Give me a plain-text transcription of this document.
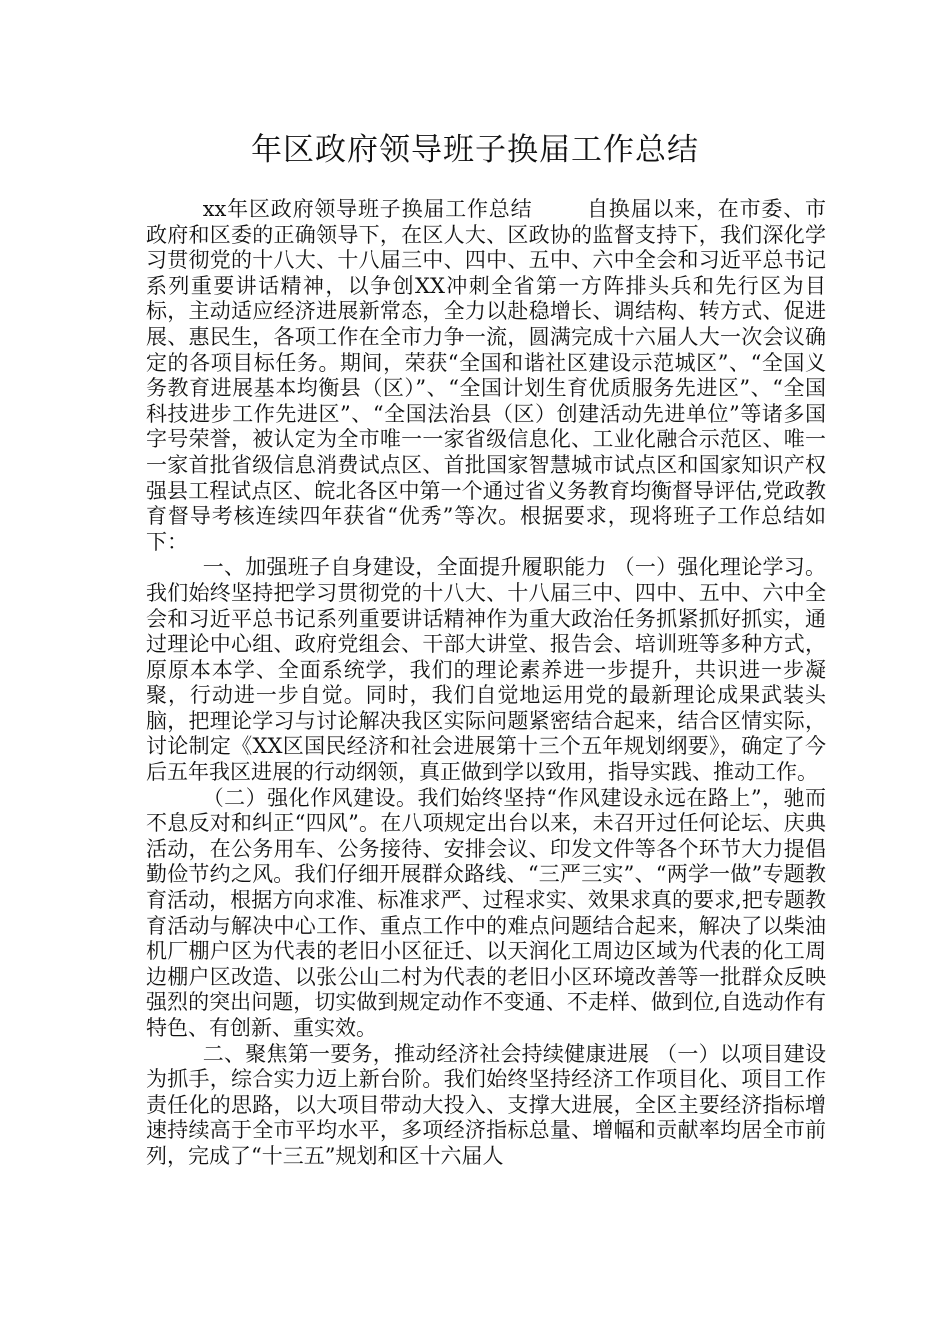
年区政府领导班子换届工作总结

xx年区政府领导班子换届工作总结	自换届以来，在市委、市政府和区委的正确领导下，在区人大、区政协的监督支持下，我们深化学习贯彻党的十八大、十八届三中、四中、五中、六中全会和习近平总书记系列重要讲话精神，以争创XX冲刺全省第一方阵排头兵和先行区为目标，主动适应经济进展新常态，全力以赴稳增长、调结构、转方式、促进展、惠民生，各项工作在全市力争一流，圆满完成十六届人大一次会议确定的各项目标任务。期间，荣获“全国和谐社区建设示范城区”、“全国义务教育进展基本均衡县（区）”、“全国计划生育优质服务先进区”、“全国科技进步工作先进区”、“全国法治县（区）创建活动先进单位”等诸多国字号荣誉，被认定为全市唯一一家省级信息化、工业化融合示范区、唯一一家首批省级信息消费试点区、首批国家智慧城市试点区和国家知识产权强县工程试点区、皖北各区中第一个通过省义务教育均衡督导评估,党政教育督导考核连续四年获省“优秀”等次。根据要求，现将班子工作总结如下：

一、加强班子自身建设，全面提升履职能力 （一）强化理论学习。我们始终坚持把学习贯彻党的十八大、十八届三中、四中、五中、六中全会和习近平总书记系列重要讲话精神作为重大政治任务抓紧抓好抓实，通过理论中心组、政府党组会、干部大讲堂、报告会、培训班等多种方式，原原本本学、全面系统学，我们的理论素养进一步提升，共识进一步凝聚，行动进一步自觉。同时，我们自觉地运用党的最新理论成果武装头脑，把理论学习与讨论解决我区实际问题紧密结合起来，结合区情实际，讨论制定《XX区国民经济和社会进展第十三个五年规划纲要》，确定了今后五年我区进展的行动纲领，真正做到学以致用，指导实践、推动工作。

（二）强化作风建设。我们始终坚持“作风建设永远在路上”，驰而不息反对和纠正“四风”。在八项规定出台以来，未召开过任何论坛、庆典活动，在公务用车、公务接待、安排会议、印发文件等各个环节大力提倡勤俭节约之风。我们仔细开展群众路线、“三严三实”、“两学一做”专题教育活动，根据方向求准、标准求严、过程求实、效果求真的要求,把专题教育活动与解决中心工作、重点工作中的难点问题结合起来，解决了以柴油机厂棚户区为代表的老旧小区征迁、以天润化工周边区域为代表的化工周边棚户区改造、以张公山二村为代表的老旧小区环境改善等一批群众反映强烈的突出问题，切实做到规定动作不变通、不走样、做到位,自选动作有特色、有创新、重实效。

二、聚焦第一要务，推动经济社会持续健康进展 （一）以项目建设为抓手，综合实力迈上新台阶。我们始终坚持经济工作项目化、项目工作责任化的思路，以大项目带动大投入、支撑大进展，全区主要经济指标增速持续高于全市平均水平，多项经济指标总量、增幅和贡献率均居全市前列，完成了“十三五”规划和区十六届人
